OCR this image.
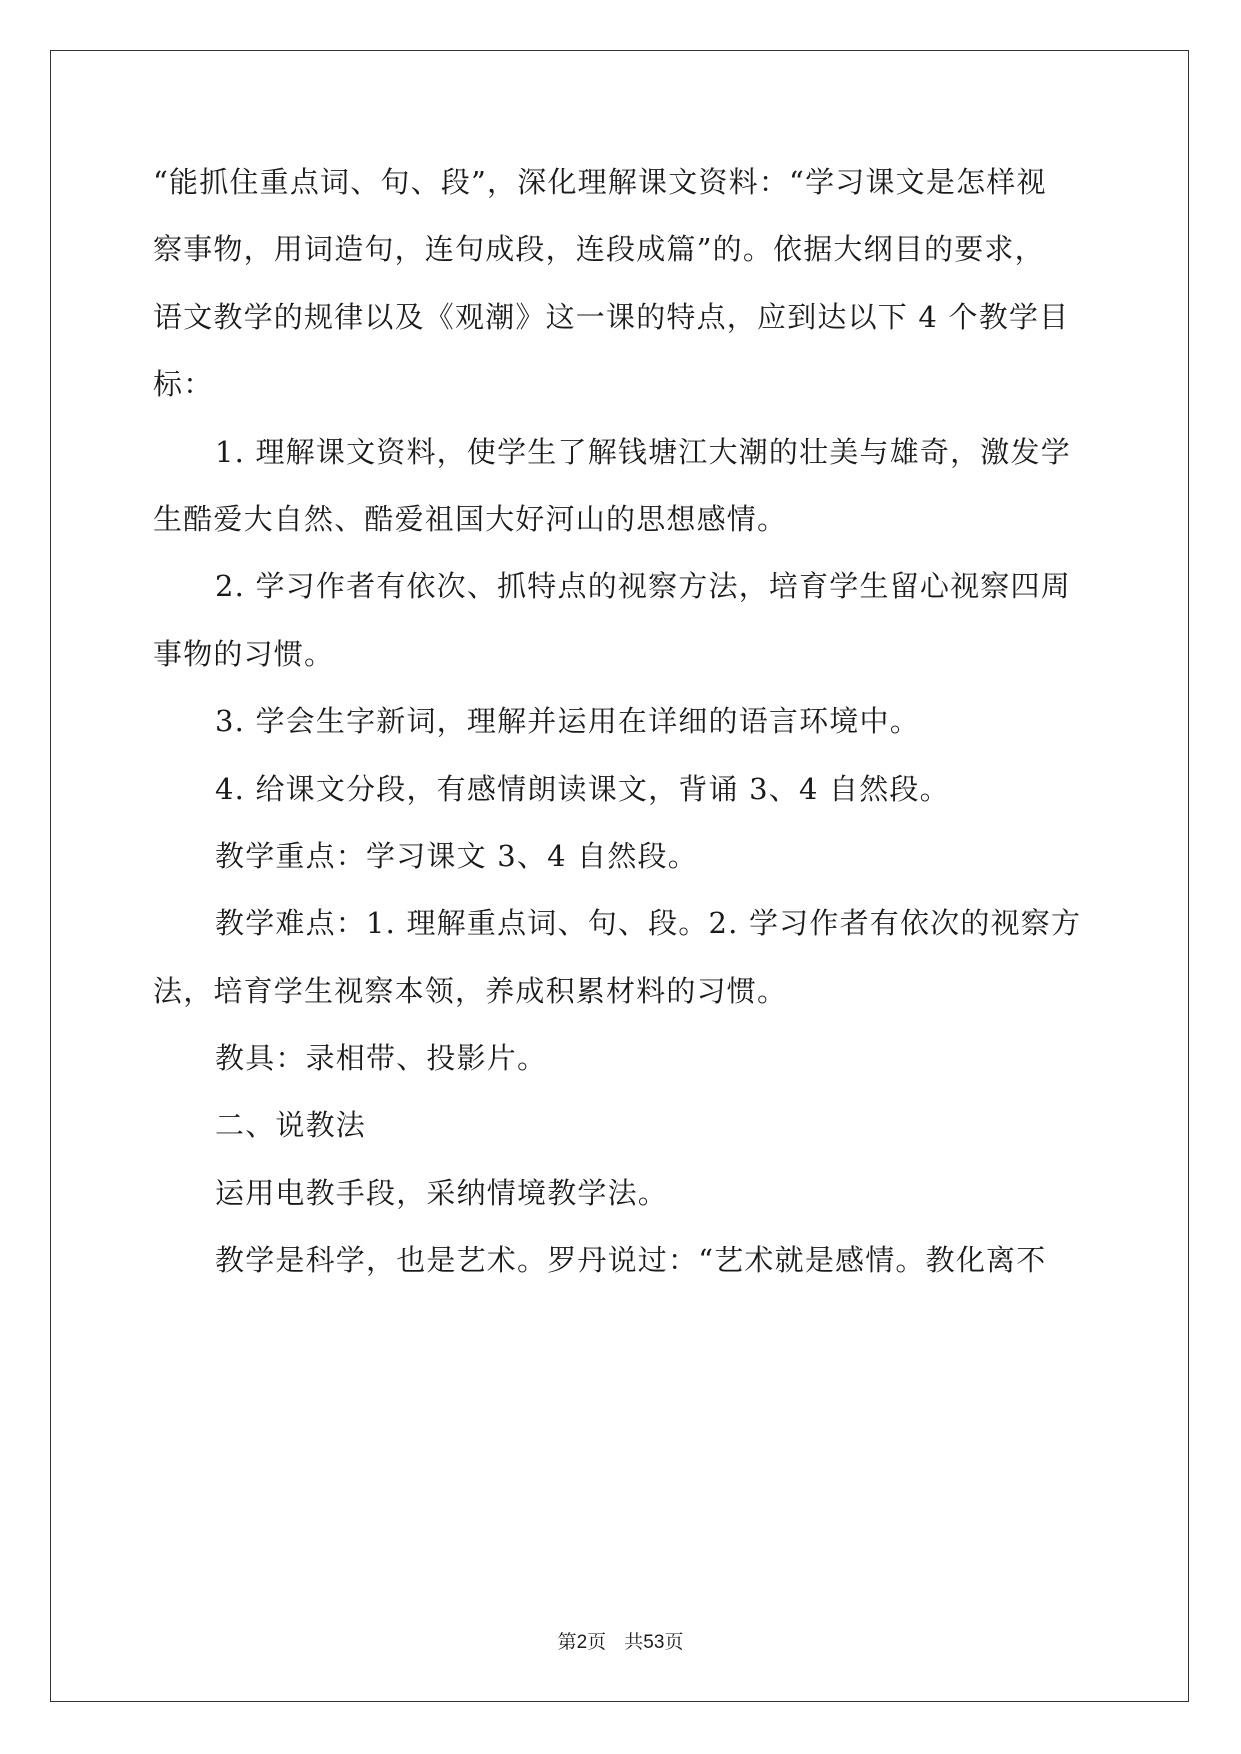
“能抓住重点词、句、段”，深化理解课文资料：“学习课文是怎样视
察事物，用词造句，连句成段，连段成篇”的。依据大纲目的要求，
语文教学的规律以及《观潮》这一课的特点，应到达以下 4 个教学目
标：
1. 理解课文资料，使学生了解钱塘江大潮的壮美与雄奇，激发学
生酷爱大自然、酷爱祖国大好河山的思想感情。
2. 学习作者有依次、抓特点的视察方法，培育学生留心视察四周
事物的习惯。
3. 学会生字新词，理解并运用在详细的语言环境中。
4. 给课文分段，有感情朗读课文，背诵 3、4 自然段。
教学重点：学习课文 3、4 自然段。
教学难点：1. 理解重点词、句、段。2. 学习作者有依次的视察方
法，培育学生视察本领，养成积累材料的习惯。
教具：录相带、投影片。
二、说教法
运用电教手段，采纳情境教学法。
教学是科学，也是艺术。罗丹说过：“艺术就是感情。教化离不
第2页 共53页
